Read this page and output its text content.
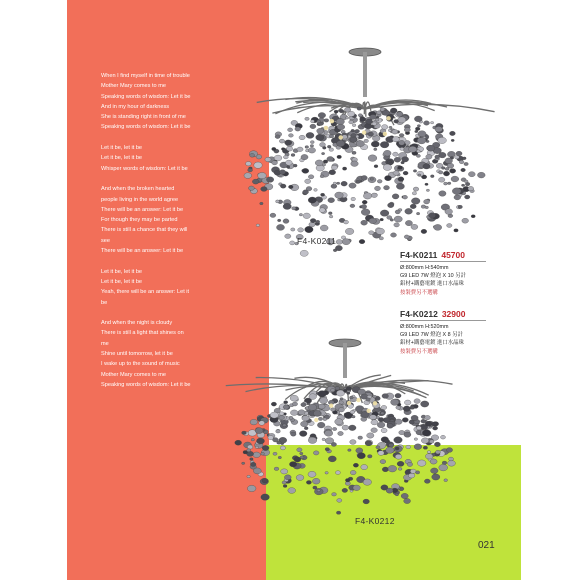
When I find myself in time of trouble
Mother Mary comes to me
Speaking words of wisdom: Let it be
And in my hour of darkness
She is standing right in front of me
Speaking words of wisdom: Let it be
Let it be, let it be
Let it be, let it be
Whisper words of wisdom: Let it be
And when the broken hearted
people living in the world agree
There will be an answer: Let it be
For though they may be parted
There is still a chance that they will
see
There will be an answer: Let it be
Let it be, let it be
Let it be, let it be
Yeah, there will be an answer: Let it
be
And when the night is cloudy
There is still a light that shines on
me
Shine until tomorrow, let it be
I wake up to the sound of music
Mother Mary comes to me
Speaking words of wisdom: Let it be
F4-K0211
F4-K0211 45700
Ø:800mm H:540mm
G9 LED 7W 燈泡 X 10 另計
鋁材+鐵藝電鍍 進口水晶珠
按裝費另不選購
F4-K0212 32900
Ø:800mm H:520mm
G9 LED 7W 燈泡 X 8 另計
鋁材+鐵藝電鍍 進口水晶珠
按裝費另不選購
F4-K0212
021
